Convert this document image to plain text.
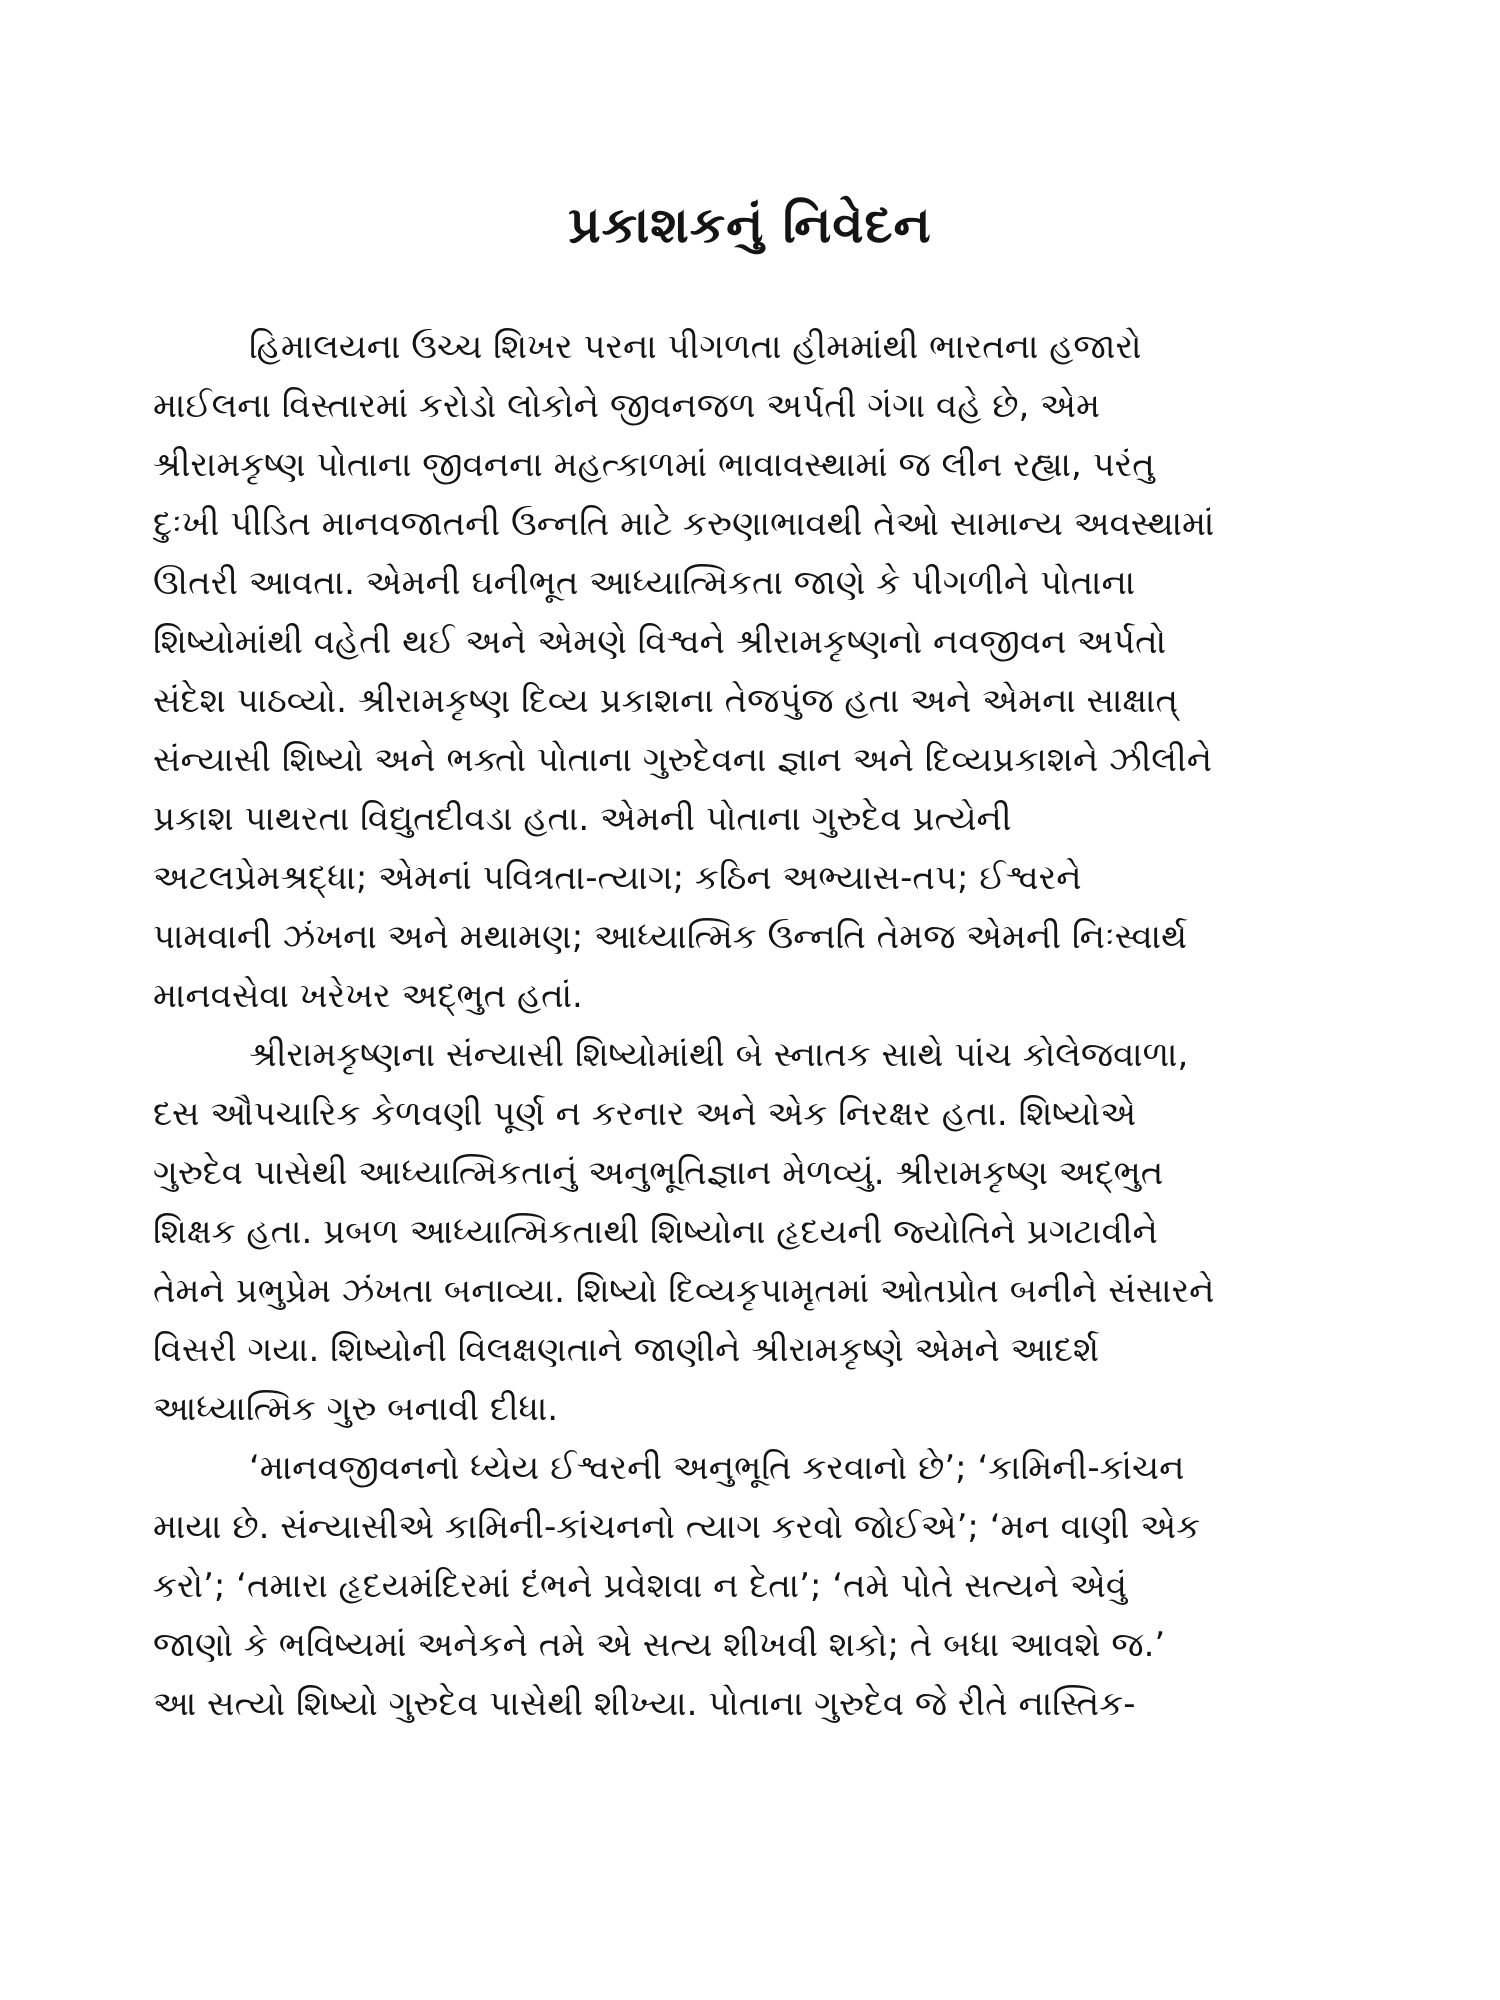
પ્રકાશકનું નિવેદન
હિમાલયના ઉચ્ચ શિખર પરના પીગળતા હીમમાંથી ભારતના હજારો
માઈલના વિસ્તારમાં કરોડો લોકોને જીવનજળ અર્પતી ગંગા વહે છે, એમ
શ્રીરામકૃષ્ણ પોતાના જીવનના મહત્કાળમાં ભાવાવસ્થામાં જ લીન રહ્યા, પરંતુ
દુઃખી પીડિત માનવજાતની ઉન્નતિ માટે કરુણાભાવથી તેઓ સામાન્ય અવસ્થામાં
ઊતરી આવતા. એમની ઘનીભૂત આધ્યાત્મિકતા જાણે કે પીગળીને પોતાના
શિષ્યોમાંથી વહેતી થઈ અને એમણે વિશ્વને શ્રીરામકૃષ્ણનો નવજીવન અર્પતો
સંદેશ પાઠવ્યો. શ્રીરામકૃષ્ણ દિવ્ય પ્રકાશના તેજપુંજ હતા અને એમના સાક્ષાત્
સંન્યાસી શિષ્યો અને ભક્તો પોતાના ગુરુદેવના જ્ઞાન અને દિવ્યપ્રકાશને ઝીલીને
પ્રકાશ પાથરતા વિદ્યુતદીવડા હતા. એમની પોતાના ગુરુદેવ પ્રત્યેની
અટલપ્રેમશ્રદ્ધા; એમનાં પવિત્રતા-ત્યાગ; કઠિન અભ્યાસ-તપ; ઈશ્વરને
પામવાની ઝંખના અને મથામણ; આધ્યાત્મિક ઉન્નતિ તેમજ એમની નિઃસ્વાર્થ
માનવસેવા ખરેખર અદ્ભુત હતાં.
શ્રીરામકૃષ્ણના સંન્યાસી શિષ્યોમાંથી બે સ્નાતક સાથે પાંચ કોલેજવાળા,
દસ ઔપચારિક કેળવણી પૂર્ણ ન કરનાર અને એક નિરક્ષર હતા. શિષ્યોએ
ગુરુદેવ પાસેથી આધ્યાત્મિકતાનું અનુભૂતિજ્ઞાન મેળવ્યું. શ્રીરામકૃષ્ણ અદ્ભુત
શિક્ષક હતા. પ્રબળ આધ્યાત્મિકતાથી શિષ્યોના હૃદયની જ્યોતિને પ્રગટાવીને
તેમને પ્રભુપ્રેમ ઝંખતા બનાવ્યા. શિષ્યો દિવ્યકૃપામૃતમાં ઓતપ્રોત બનીને સંસારને
વિસરી ગયા. શિષ્યોની વિલક્ષણતાને જાણીને શ્રીરામકૃષ્ણે એમને આદર્શ
આધ્યાત્મિક ગુરુ બનાવી દીધા.
‘માનવજીવનનો ધ્યેય ઈશ્વરની અનુભૂતિ કરવાનો છે’; ‘કામિની-કાંચન
માયા છે. સંન્યાસીએ કામિની-કાંચનનો ત્યાગ કરવો જોઈએ’; ‘મન વાણી એક
કરો’; ‘તમારા હૃદયમંદિરમાં દંભને પ્રવેશવા ન દેતા’; ‘તમે પોતે સત્યને એવું
જાણો કે ભવિષ્યમાં અનેકને તમે એ સત્ય શીખવી શકો; તે બધા આવશે જ.’
આ સત્યો શિષ્યો ગુરુદેવ પાસેથી શીખ્યા. પોતાના ગુરુદેવ જે રીતે નાસ્તિક-
